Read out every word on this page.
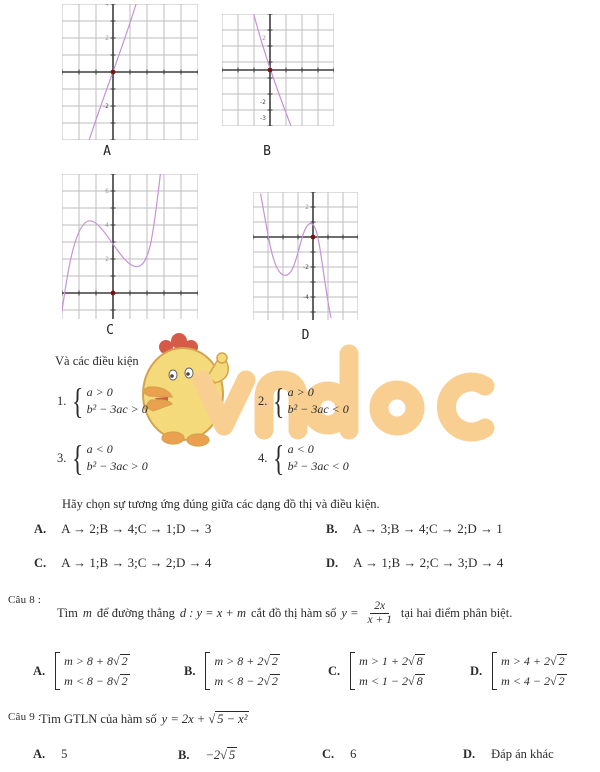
4
2
-2
A
2
-2
-3
B
6
4
2
C
2
-2
-4
D
Và các điều kiện
1. { a > 0
b² − 3ac > 0
2. { a > 0
b² − 3ac < 0
3. { a < 0
b² − 3ac > 0
4. { a < 0
b² − 3ac < 0
Hãy chọn sự tương ứng đúng giữa các dạng đồ thị và điều kiện.
A. A → 2;B → 4;C → 1;D → 3	B. A → 3;B → 4;C → 2;D → 1
C. A → 1;B → 3;C → 2;D → 4	D. A → 1;B → 2;C → 3;D → 4
Câu 8 :
Tìm m để đường thẳng d : y = x + m cắt đồ thị hàm số $y = \frac{2x}{x + 1}$ tại hai điểm phân biệt.
A.
m > 8 + 8√ 2
m < 8 − 8√ 2
B.
m > 8 + 2√ 2
m < 8 − 2√ 2
C.
m > 1 + 2√ 8
m < 1 − 2√ 8
D.
m > 4 + 2√ 2
m < 4 − 2√ 2
Câu 9 :
Tìm GTLN của hàm số y = 2x + √ 5 − x²
A. 5	B. −2√ 5	C. 6	D. Đáp án khác
